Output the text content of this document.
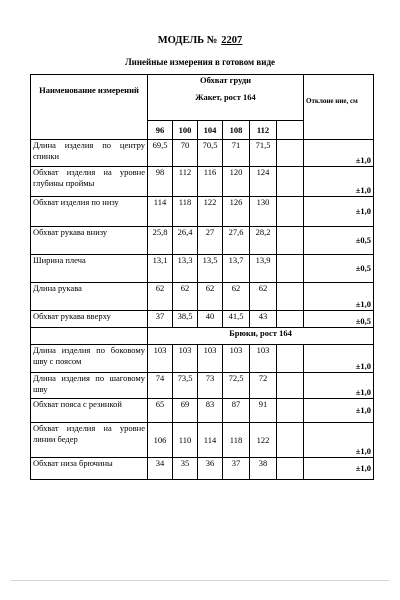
МОДЕЛЬ № 2207
Линейные измерения в готовом виде
Наименование измерений	Обхват груди						Отклоне ние, см
	Жакет, рост 164						
	96	100	104	108	112		
Длина изделия по центру спинки	69,5	70	70,5	71	71,5		±1,0
Обхват изделия на уровне глубины проймы	98	112	116	120	124		±1,0
Обхват изделия по низу	114	118	122	126	130		±1,0
Обхват рукава внизу	25,8	26,4	27	27,6	28,2		±0,5
Ширина плеча	13,1	13,3	13,5	13,7	13,9		±0,5
Длина рукава	62	62	62	62	62		±1,0
Обхват рукава вверху	37	38,5	40	41,5	43		±0,5
	Брюки, рост 164						
Длина изделия по боковому шву с поясом	103	103	103	103	103		±1,0
Длина изделия по шаговому шву	74	73,5	73	72,5	72		±1,0
Обхват пояса с резинкой	65	69	83	87	91		±1,0
Обхват изделия на уровне линии бедер	106	110	114	118	122		±1,0
Обхват низа брючины	34	35	36	37	38		±1,0
